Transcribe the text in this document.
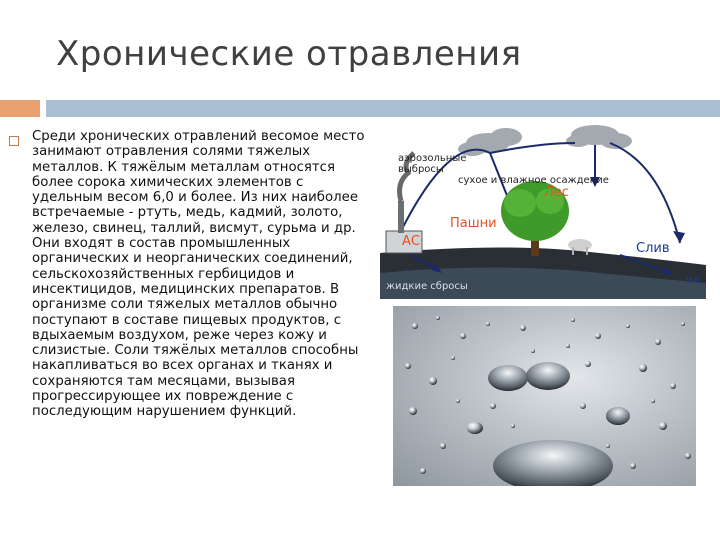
Хронические отравления
Среди хронических отравлений весомое место
занимают отравления солями тяжелых
металлов. К тяжёлым металлам относятся
более сорока химических элементов с
удельным весом 6,0 и более. Из них наиболее
встречаемые - ртуть, медь, кадмий, золото,
железо, свинец, таллий, висмут, сурьма и др.
Они входят в состав промышленных
органических и неорганических соединений,
сельскохозяйственных гербицидов и
инсектицидов, медицинских препаратов. В
организме соли тяжелых металлов обычно
поступают в составе пищевых продуктов, с
вдыхаемым воздухом, реже через кожу и
слизистые. Соли тяжёлых металлов способны
накапливаться во всех органах и тканях и
сохраняются там месяцами, вызывая
прогрессирующее их повреждение с
последующим нарушением функций.
аэрозольные
выбросы
сухое и влажное осаждение
Лес
Пашни
АС	Слив
жидкие сбросы
ил
